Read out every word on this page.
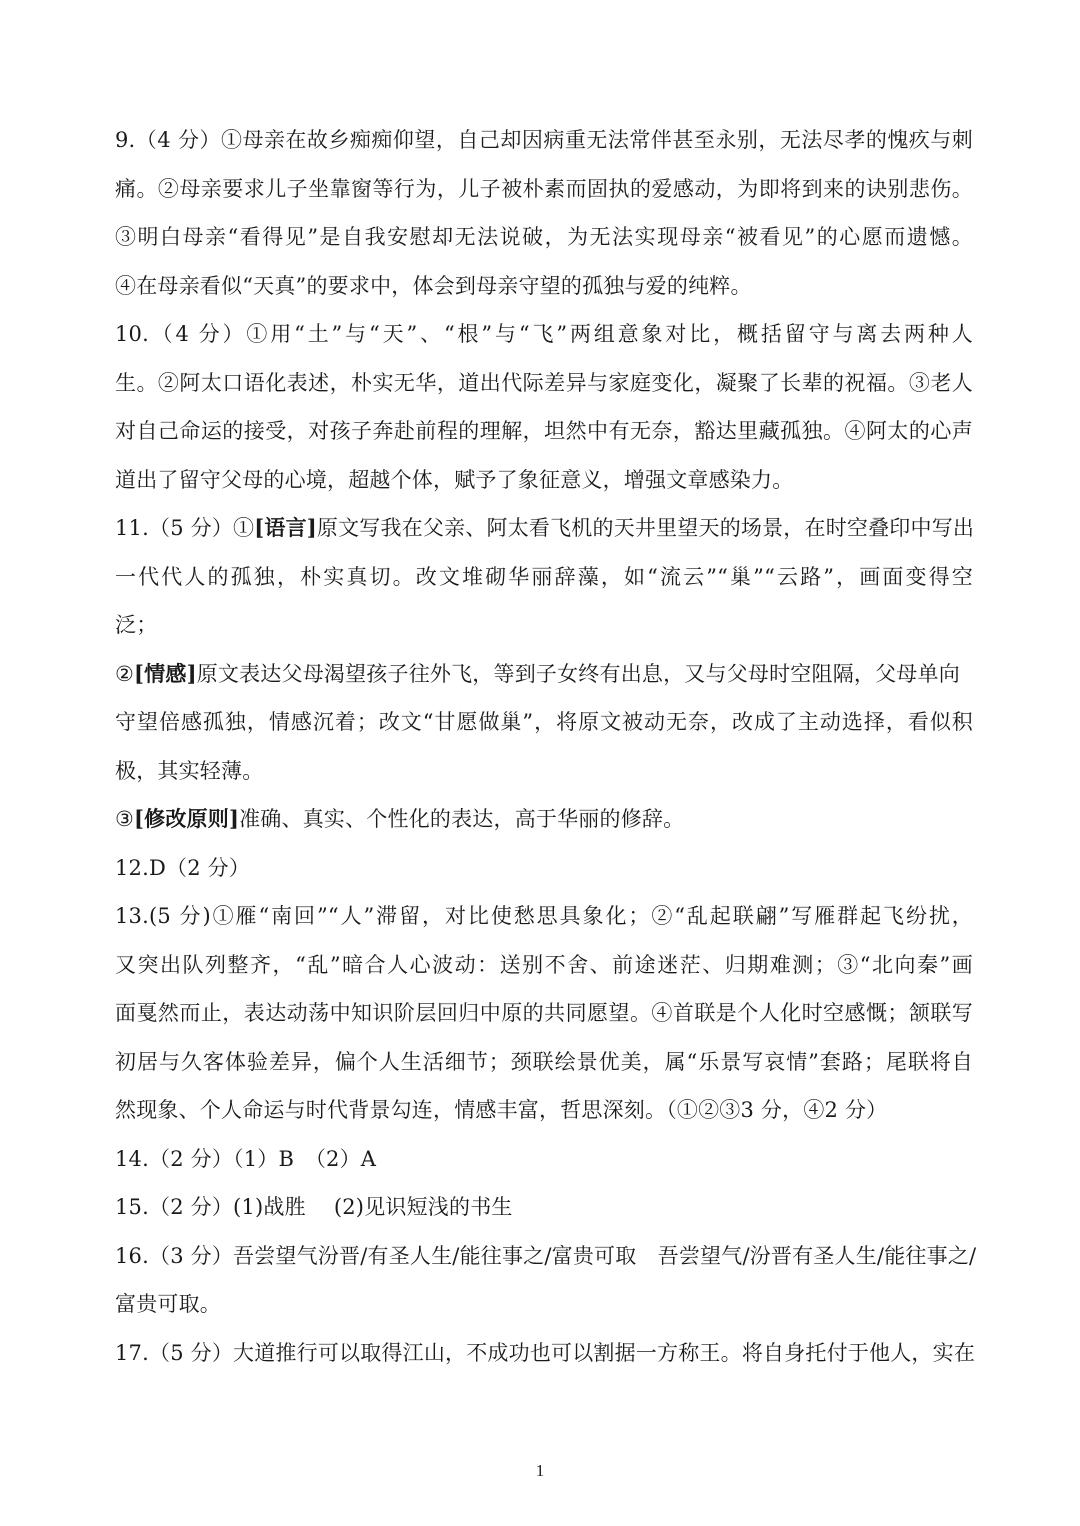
9.（4 分）①母亲在故乡痴痴仰望，自己却因病重无法常伴甚至永别，无法尽孝的愧疚与刺
痛。②母亲要求儿子坐靠窗等行为，儿子被朴素而固执的爱感动，为即将到来的诀别悲伤。
③明白母亲“看得见”是自我安慰却无法说破，为无法实现母亲“被看见”的心愿而遗憾。
④在母亲看似“天真”的要求中，体会到母亲守望的孤独与爱的纯粹。
10.（4 分）①用“土”与“天”、“根”与“飞”两组意象对比，概括留守与离去两种人
生。②阿太口语化表述，朴实无华，道出代际差异与家庭变化，凝聚了长辈的祝福。③老人
对自己命运的接受，对孩子奔赴前程的理解，坦然中有无奈，豁达里藏孤独。④阿太的心声
道出了留守父母的心境，超越个体，赋予了象征意义，增强文章感染力。
11.（5 分）①[语言]原文写我在父亲、阿太看飞机的天井里望天的场景，在时空叠印中写出
一代代人的孤独，朴实真切。改文堆砌华丽辞藻，如“流云”“巢”“云路”，画面变得空
泛；
②[情感]原文表达父母渴望孩子往外飞，等到子女终有出息，又与父母时空阻隔，父母单向
守望倍感孤独，情感沉着；改文“甘愿做巢”，将原文被动无奈，改成了主动选择，看似积
极，其实轻薄。
③[修改原则]准确、真实、个性化的表达，高于华丽的修辞。
12.D（2 分）
13.(5 分)①雁“南回”“人”滞留，对比使愁思具象化；②“乱起联翩”写雁群起飞纷扰，
又突出队列整齐，“乱”暗合人心波动：送别不舍、前途迷茫、归期难测；③“北向秦”画
面戛然而止，表达动荡中知识阶层回归中原的共同愿望。④首联是个人化时空感慨；颔联写
初居与久客体验差异，偏个人生活细节；颈联绘景优美，属“乐景写哀情”套路；尾联将自
然现象、个人命运与时代背景勾连，情感丰富，哲思深刻。（①②③3 分，④2 分）
14.（2 分）（1）B　（2）A
15.（2 分）(1)战胜　 (2)见识短浅的书生
16.（3 分）吾尝望气汾晋/有圣人生/能往事之/富贵可取　吾尝望气/汾晋有圣人生/能往事之/
富贵可取。
17.（5 分）大道推行可以取得江山，不成功也可以割据一方称王。将自身托付于他人，实在
1
